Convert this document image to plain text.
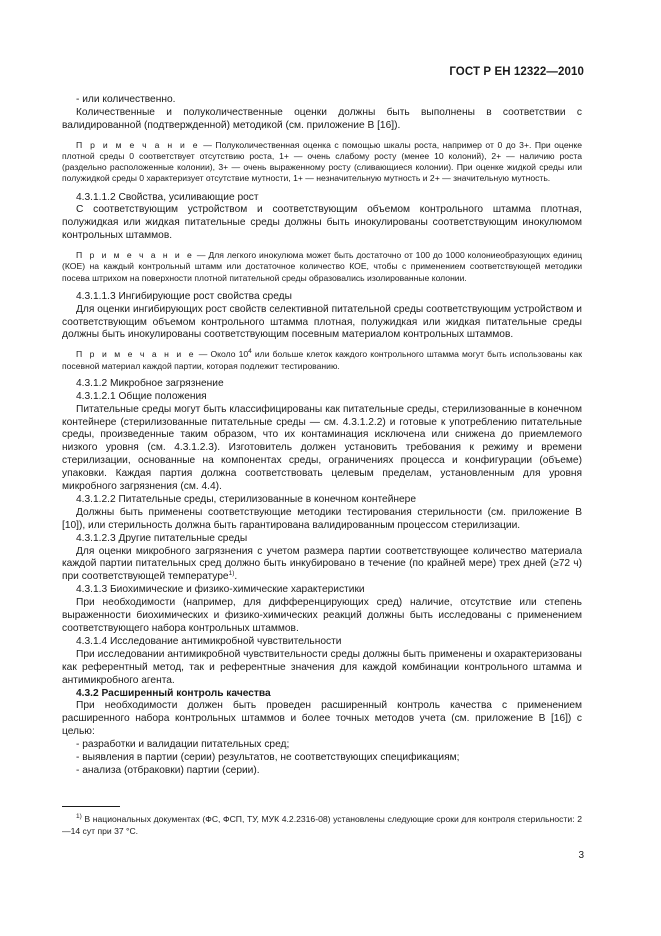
ГОСТ Р ЕН 12322—2010

- или количественно.

Количественные и полуколичественные оценки должны быть выполнены в соответствии с валидированной (подтвержденной) методикой (см. приложение В [16]).

П р и м е ч а н и е — Полуколичественная оценка с помощью шкалы роста, например от 0 до 3+. При оценке плотной среды 0 соответствует отсутствию роста, 1+ — очень слабому росту (менее 10 колоний), 2+ — наличию роста (раздельно расположенные колонии), 3+ — очень выраженному росту (сливающиеся колонии). При оценке жидкой среды или полужидкой среды 0 характеризует отсутствие мутности, 1+ — незначительную мутность и 2+ — значительную мутность.

4.3.1.1.2 Свойства, усиливающие рост

С соответствующим устройством и соответствующим объемом контрольного штамма плотная, полужидкая или жидкая питательные среды должны быть инокулированы соответствующим инокулюмом контрольных штаммов.

П р и м е ч а н и е — Для легкого инокулюма может быть достаточно от 100 до 1000 колониеобразующих единиц (КОЕ) на каждый контрольный штамм или достаточное количество КОЕ, чтобы с применением соответствующей методики посева штрихом на поверхности плотной питательной среды образовались изолированные колонии.

4.3.1.1.3 Ингибирующие рост свойства среды

Для оценки ингибирующих рост свойств селективной питательной среды соответствующим устройством и соответствующим объемом контрольного штамма плотная, полужидкая или жидкая питательные среды должны быть инокулированы соответствующим посевным материалом контрольных штаммов.

П р и м е ч а н и е — Около $10^4$ или больше клеток каждого контрольного штамма могут быть использованы как посевной материал каждой партии, которая подлежит тестированию.

4.3.1.2 Микробное загрязнение

4.3.1.2.1 Общие положения

Питательные среды могут быть классифицированы как питательные среды, стерилизованные в конечном контейнере (стерилизованные питательные среды — см. 4.3.1.2.2) и готовые к употреблению питательные среды, произведенные таким образом, что их контаминация исключена или снижена до приемлемого низкого уровня (см. 4.3.1.2.3). Изготовитель должен установить требования к режиму и времени стерилизации, основанные на компонентах среды, ограничениях процесса и конфигурации (объеме) упаковки. Каждая партия должна соответствовать целевым пределам, установленным для уровня микробного загрязнения (см. 4.4).

4.3.1.2.2 Питательные среды, стерилизованные в конечном контейнере

Должны быть применены соответствующие методики тестирования стерильности (см. приложение В [10]), или стерильность должна быть гарантирована валидированным процессом стерилизации.

4.3.1.2.3 Другие питательные среды

Для оценки микробного загрязнения с учетом размера партии соответствующее количество материала каждой партии питательных сред должно быть инкубировано в течение (по крайней мере) трех дней (≥72 ч) при соответствующей температуре$^{1)}$.

4.3.1.3 Биохимические и физико-химические характеристики

При необходимости (например, для дифференцирующих сред) наличие, отсутствие или степень выраженности биохимических и физико-химических реакций должны быть исследованы с применением соответствующего набора контрольных штаммов.

4.3.1.4 Исследование антимикробной чувствительности

При исследовании антимикробной чувствительности среды должны быть применены и охарактеризованы как референтный метод, так и референтные значения для каждой комбинации контрольного штамма и антимикробного агента.

4.3.2 Расширенный контроль качества

При необходимости должен быть проведен расширенный контроль качества с применением расширенного набора контрольных штаммов и более точных методов учета (см. приложение В [16]) с целью:

- разработки и валидации питательных сред;

- выявления в партии (серии) результатов, не соответствующих спецификациям;

- анализа (отбраковки) партии (серии).

$^{1)}$ В национальных документах (ФС, ФСП, ТУ, МУК 4.2.2316-08) установлены следующие сроки для контроля стерильности: 2—14 сут при 37 °С.

3
